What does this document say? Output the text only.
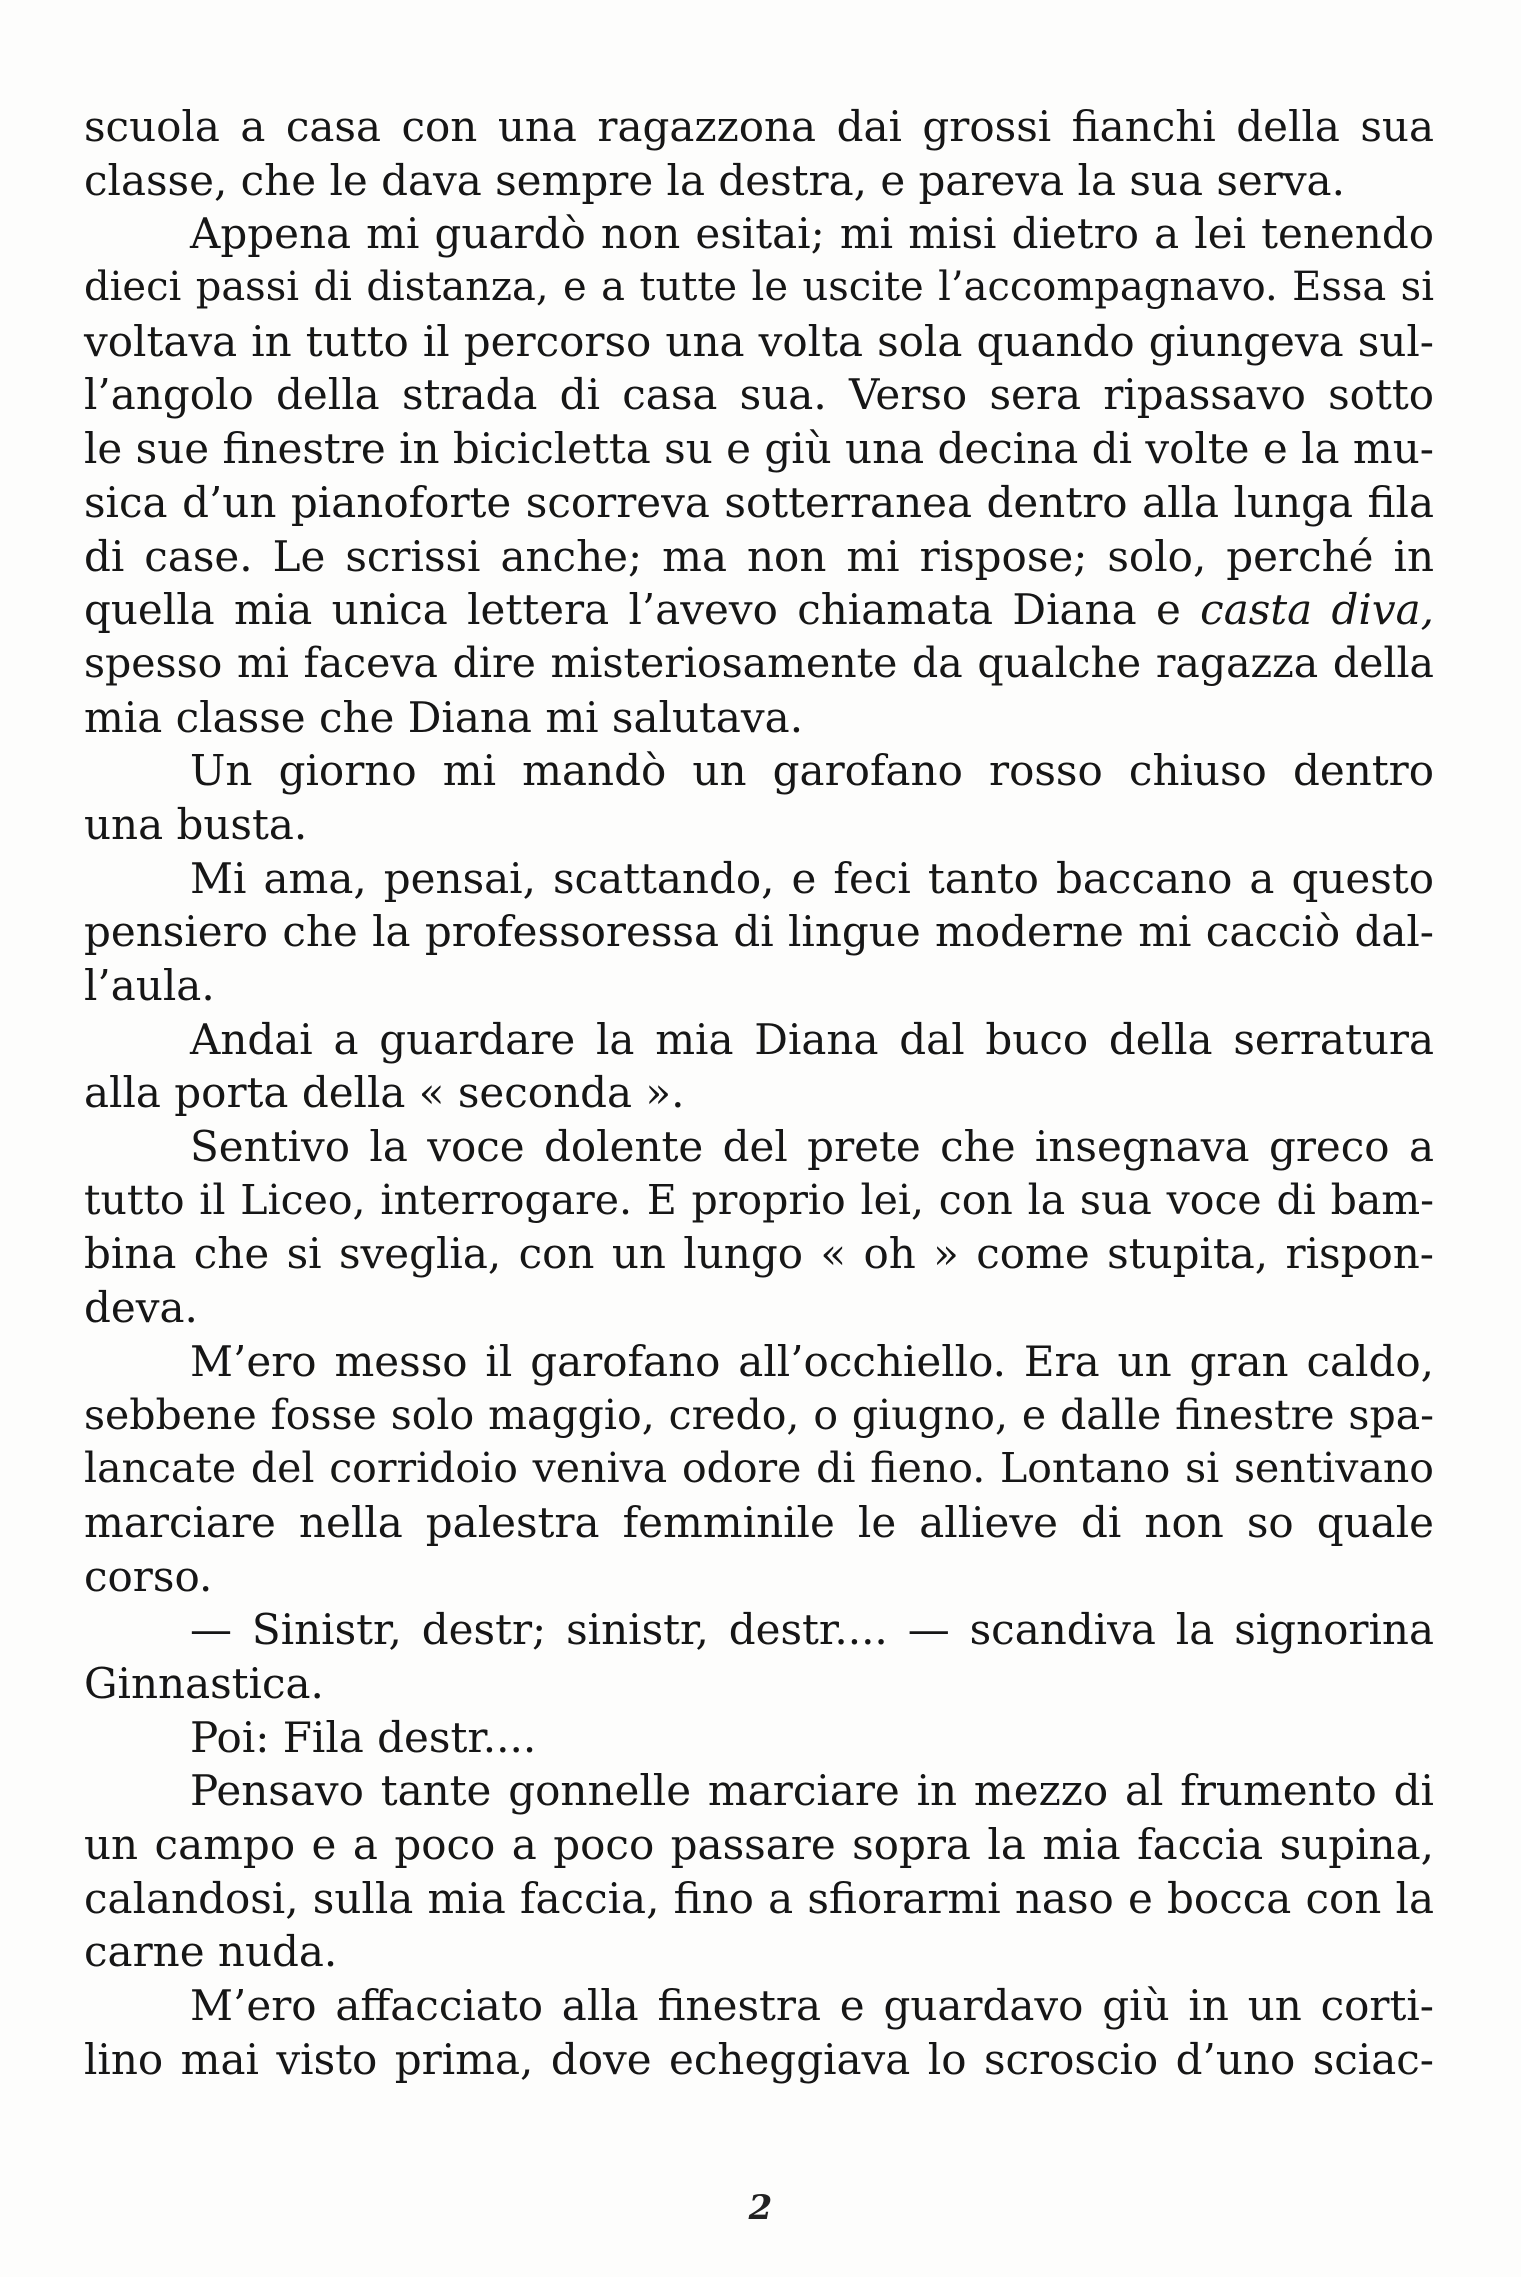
scuola a casa con una ragazzona dai grossi fianchi della sua
classe, che le dava sempre la destra, e pareva la sua serva.
Appena mi guardò non esitai; mi misi dietro a lei tenendo
dieci passi di distanza, e a tutte le uscite l’accompagnavo. Essa si
voltava in tutto il percorso una volta sola quando giungeva sul-
l’angolo della strada di casa sua. Verso sera ripassavo sotto
le sue finestre in bicicletta su e giù una decina di volte e la mu-
sica d’un pianoforte scorreva sotterranea dentro alla lunga fila
di case. Le scrissi anche; ma non mi rispose; solo, perché in
quella mia unica lettera l’avevo chiamata Diana e casta diva,
spesso mi faceva dire misteriosamente da qualche ragazza della
mia classe che Diana mi salutava.
Un giorno mi mandò un garofano rosso chiuso dentro
una busta.
Mi ama, pensai, scattando, e feci tanto baccano a questo
pensiero che la professoressa di lingue moderne mi cacciò dal-
l’aula.
Andai a guardare la mia Diana dal buco della serratura
alla porta della « seconda ».
Sentivo la voce dolente del prete che insegnava greco a
tutto il Liceo, interrogare. E proprio lei, con la sua voce di bam-
bina che si sveglia, con un lungo « oh » come stupita, rispon-
deva.
M’ero messo il garofano all’occhiello. Era un gran caldo,
sebbene fosse solo maggio, credo, o giugno, e dalle finestre spa-
lancate del corridoio veniva odore di fieno. Lontano si sentivano
marciare nella palestra femminile le allieve di non so quale
corso.
— Sinistr, destr; sinistr, destr.... — scandiva la signorina
Ginnastica.
Poi: Fila destr....
Pensavo tante gonnelle marciare in mezzo al frumento di
un campo e a poco a poco passare sopra la mia faccia supina,
calandosi, sulla mia faccia, fino a sfiorarmi naso e bocca con la
carne nuda.
M’ero affacciato alla finestra e guardavo giù in un corti-
lino mai visto prima, dove echeggiava lo scroscio d’uno sciac-
2
